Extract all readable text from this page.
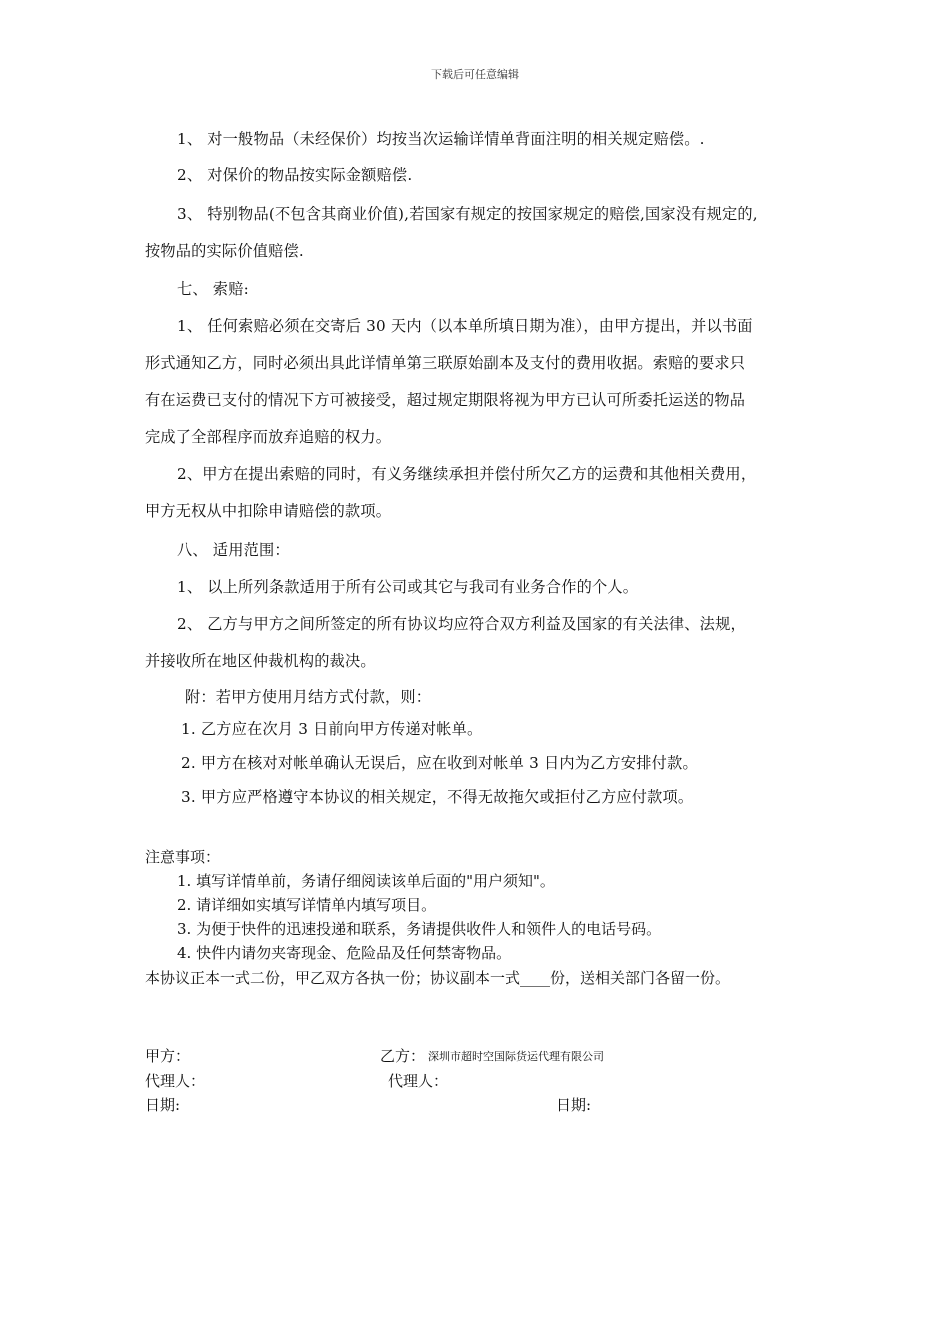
下载后可任意编辑
1、 对一般物品（未经保价）均按当次运输详情单背面注明的相关规定赔偿。.
2、 对保价的物品按实际金额赔偿.
3、 特别物品(不包含其商业价值),若国家有规定的按国家规定的赔偿,国家没有规定的,
按物品的实际价值赔偿.
七、 索赔:
1、 任何索赔必须在交寄后 30 天内（以本单所填日期为准），由甲方提出，并以书面
形式通知乙方，同时必须出具此详情单第三联原始副本及支付的费用收据。索赔的要求只
有在运费已支付的情况下方可被接受，超过规定期限将视为甲方已认可所委托运送的物品
完成了全部程序而放弃追赔的权力。
2、甲方在提出索赔的同时，有义务继续承担并偿付所欠乙方的运费和其他相关费用，
甲方无权从中扣除申请赔偿的款项。
八、 适用范围：
1、 以上所列条款适用于所有公司或其它与我司有业务合作的个人。
2、 乙方与甲方之间所签定的所有协议均应符合双方利益及国家的有关法律、法规，
并接收所在地区仲裁机构的裁决。
附：若甲方使用月结方式付款，则：
1. 乙方应在次月 3 日前向甲方传递对帐单。
2. 甲方在核对对帐单确认无误后，应在收到对帐单 3 日内为乙方安排付款。
3. 甲方应严格遵守本协议的相关规定，不得无故拖欠或拒付乙方应付款项。
注意事项：
1. 填写详情单前，务请仔细阅读该单后面的"用户须知"。
2. 请详细如实填写详情单内填写项目。
3. 为便于快件的迅速投递和联系，务请提供收件人和领件人的电话号码。
4. 快件内请勿夹寄现金、危险品及任何禁寄物品。
本协议正本一式二份，甲乙双方各执一份；协议副本一式____份，送相关部门各留一份。
甲方：	乙方： 深圳市超时空国际货运代理有限公司
代理人：	代理人：
日期:	日期:
